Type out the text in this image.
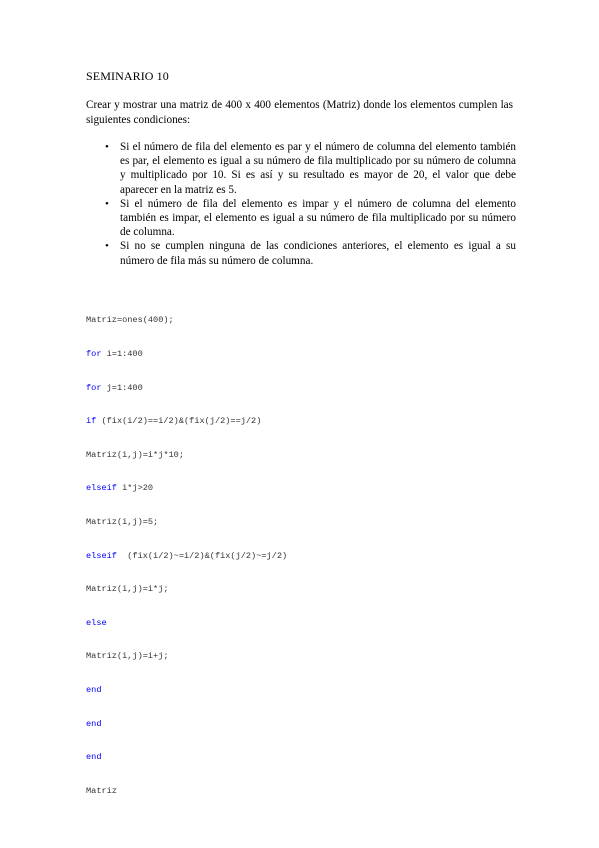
SEMINARIO 10
Crear y mostrar una matriz de 400 x 400 elementos (Matriz) donde los elementos cumplen las siguientes condiciones:
• Si el número de fila del elemento es par y el número de columna del elemento también es par, el elemento es igual a su número de fila multiplicado por su número de columna y multiplicado por 10. Si es así y su resultado es mayor de 20, el valor que debe aparecer en la matriz es 5.
• Si el número de fila del elemento es impar y el número de columna del elemento también es impar, el elemento es igual a su número de fila multiplicado por su número de columna.
• Si no se cumplen ninguna de las condiciones anteriores, el elemento es igual a su número de fila más su número de columna.

Matriz=ones(400);

for i=1:400

for j=1:400

if (fix(i/2)==i/2)&(fix(j/2)==j/2)

Matriz(i,j)=i*j*10;

elseif i*j>20

Matriz(i,j)=5;

elseif  (fix(i/2)~=i/2)&(fix(j/2)~=j/2)

Matriz(i,j)=i*j;

else

Matriz(i,j)=i+j;

end

end

end

Matriz
